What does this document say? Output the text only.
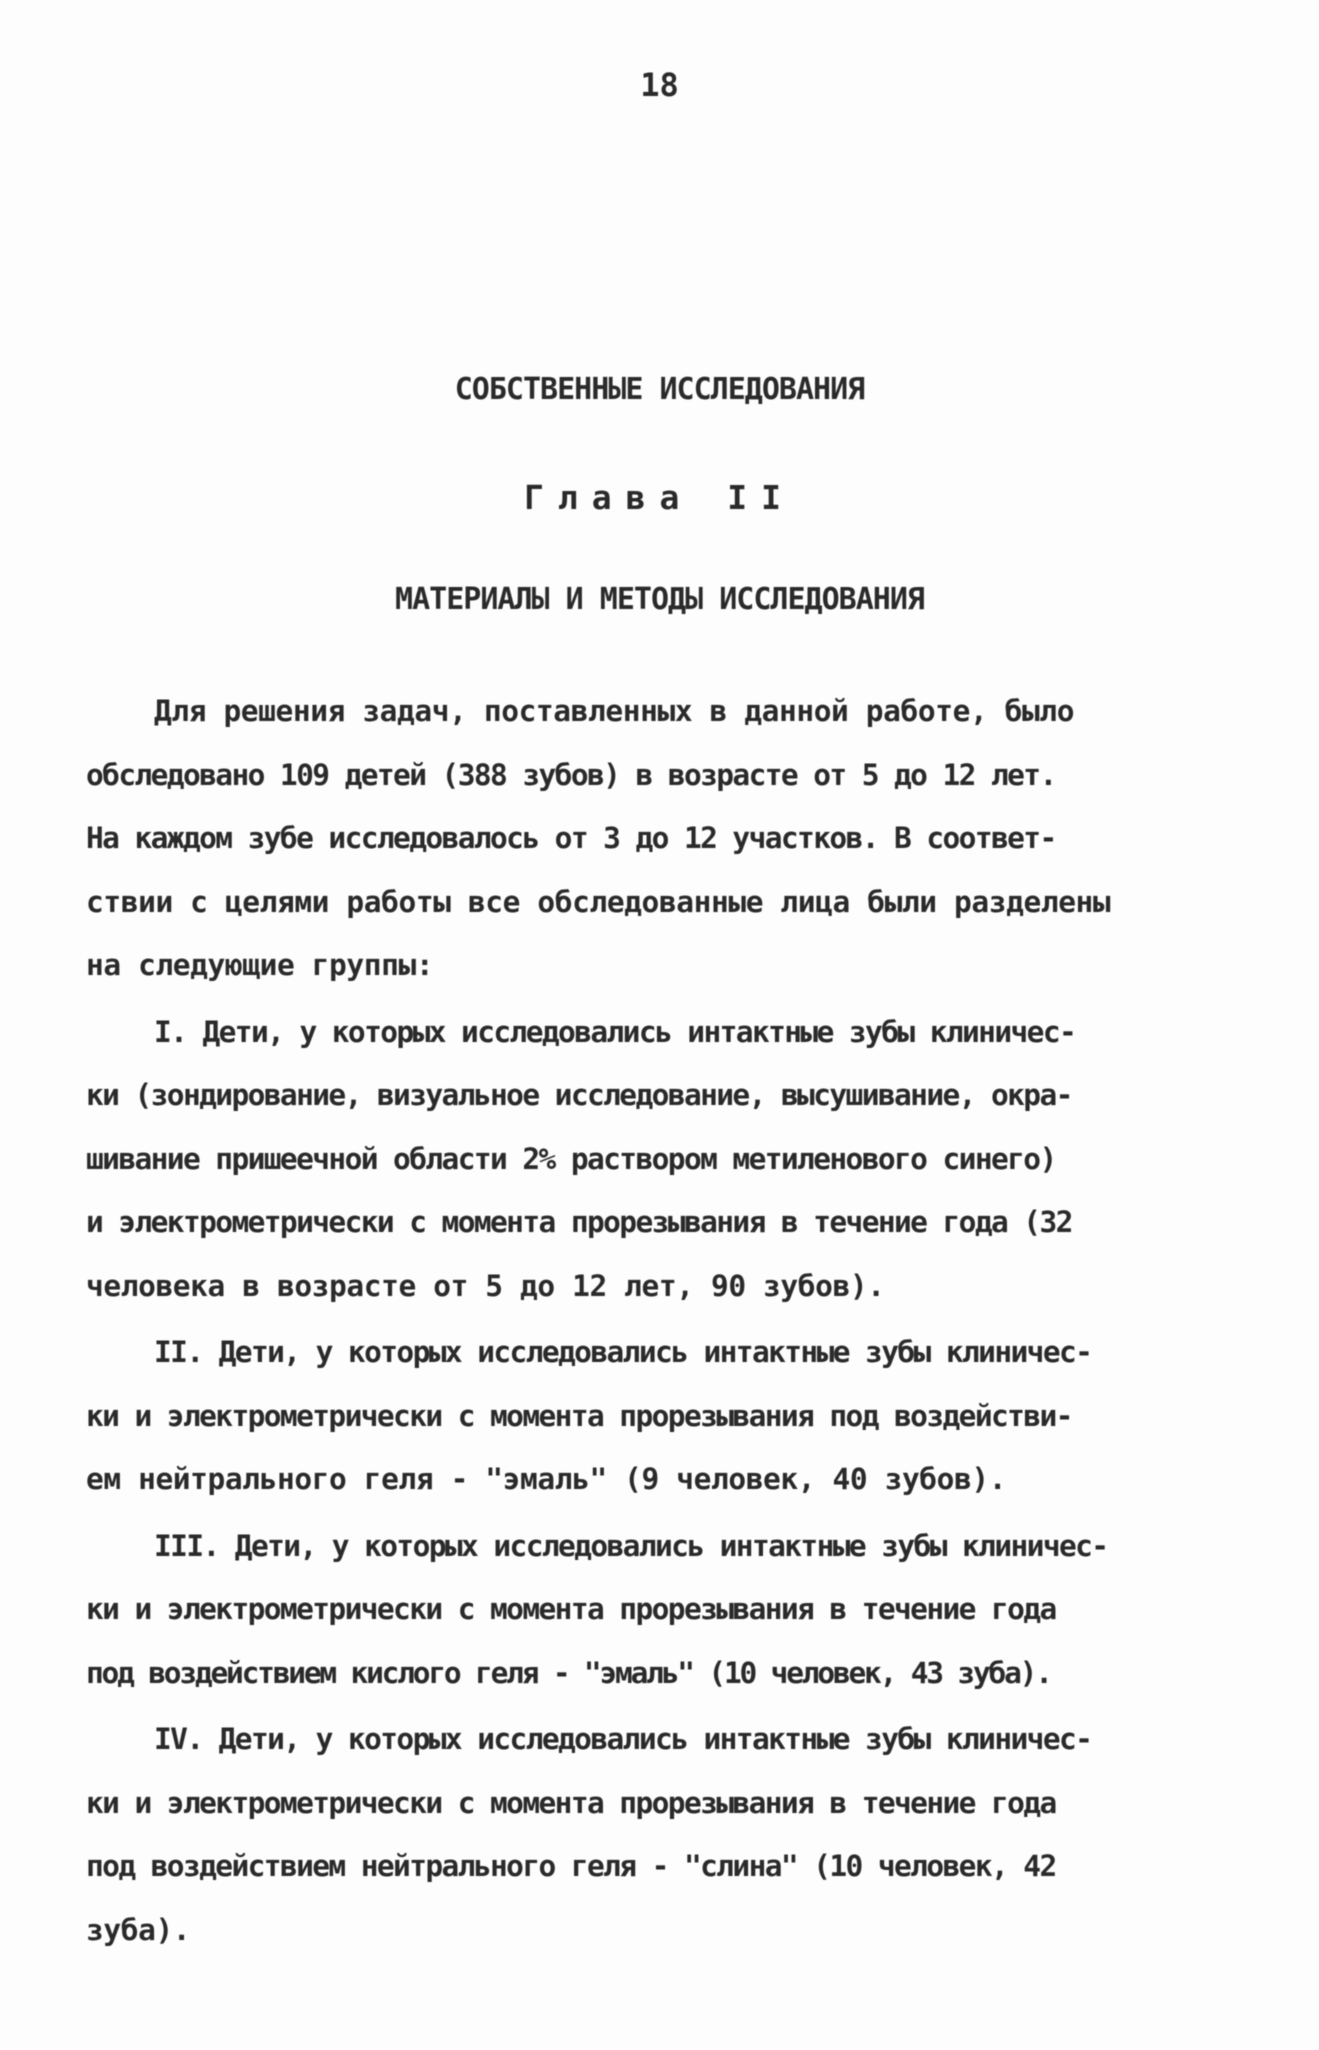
18
СОБСТВЕННЫЕ ИССЛЕДОВАНИЯ
Глава II
МАТЕРИАЛЫ И МЕТОДЫ ИССЛЕДОВАНИЯ
Для решения задач, поставленных в данной работе, было
обследовано 109 детей (388 зубов) в возрасте от 5 до 12 лет.
На каждом зубе исследовалось от 3 до 12 участков. В соответ-
ствии с целями работы все обследованные лица были разделены
на следующие группы:
I. Дети, у которых исследовались интактные зубы клиничес-
ки (зондирование, визуальное исследование, высушивание, окра-
шивание пришеечной области 2% раствором метиленового синего)
и электрометрически с момента прорезывания в течение года (32
человека в возрасте от 5 до 12 лет, 90 зубов).
II. Дети, у которых исследовались интактные зубы клиничес-
ки и электрометрически с момента прорезывания под воздействи-
ем нейтрального геля - "эмаль" (9 человек, 40 зубов).
III. Дети, у которых исследовались интактные зубы клиничес-
ки и электрометрически с момента прорезывания в течение года
под воздействием кислого геля - "эмаль" (10 человек, 43 зуба).
IV. Дети, у которых исследовались интактные зубы клиничес-
ки и электрометрически с момента прорезывания в течение года
под воздействием нейтрального геля - "слина" (10 человек, 42
зуба).
